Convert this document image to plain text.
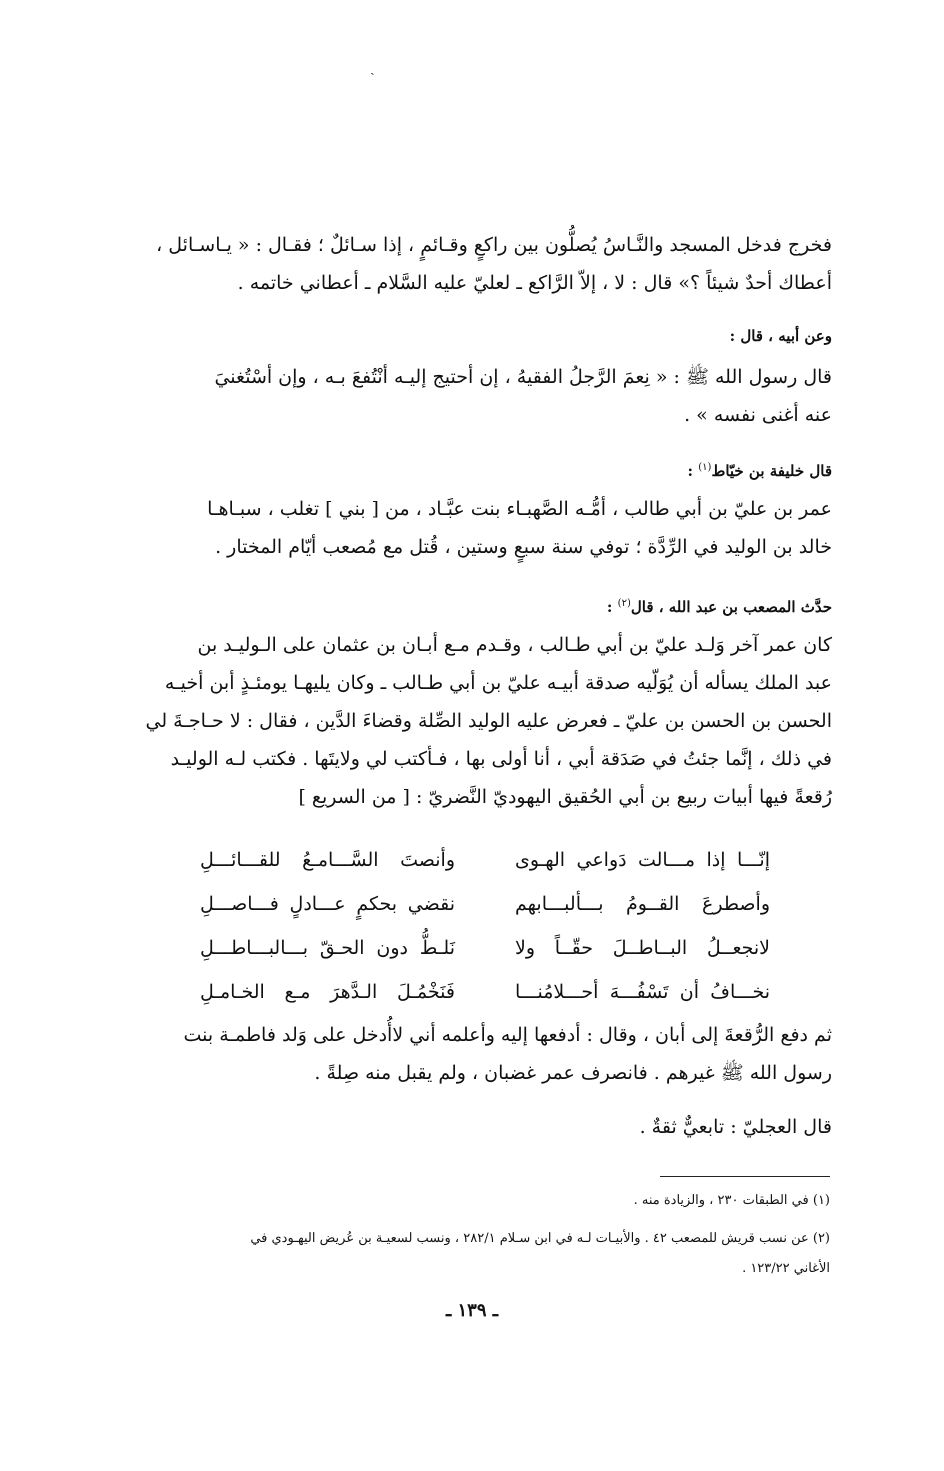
ˎ

فخرج فدخل المسجد والنَّـاسُ يُصلُّون بين راكعٍ وقـائمٍ ، إذا سـائلٌ ؛ فقـال : « يـاسـائل ،

أعطاك أحدٌ شيئاً ؟» قال : لا ، إلاّ الرَّاكع ـ لعليّ عليه السَّلام ـ أعطاني خاتمه .

وعن أبيه ، قال :

قال رسول الله ﷺ : « نِعمَ الرَّجلُ الفقيهُ ، إن أحتيج إليـه أنْتُفعَ بـه ، وإن أسْتُغنيَ

عنه أغنى نفسه » .

قال خليفة بن خيّاط$^{(١)}$ :

عمر بن عليّ بن أبي طالب ، أمُّـه الصَّهبـاء بنت عبَّـاد ، من [ بني ] تغلب ، سبـاهـا

خالد بن الوليد في الرِّدَّة ؛ توفي سنة سبعٍ وستين ، قُتل مع مُصعب أيّام المختار .

حدَّث المصعب بن عبد الله ، قال$^{(٢)}$ :

كان عمر آخر وَلـد عليّ بن أبي طـالب ، وقـدم مـع أبـان بن عثمان على الـوليـد بن

عبد الملك يسأله أن يُوَلّيه صدقة أبيـه عليّ بن أبي طـالب ـ وكان يليهـا يومئـذٍ أبن أخيـه

الحسن بن الحسن بن عليّ ـ فعرض عليه الوليد الصِّلة وقضاءَ الدَّين ، فقال : لا حـاجـةَ لي

في ذلك ، إنَّما جئتُ في صَدَقة أبي ، أنا أولى بها ، فـأكتب لي ولايتَها . فكتب لـه الوليـد

رُقعةً فيها أبيات ربيع بن أبي الحُقيق اليهوديّ النَّضريّ : [ من السريع ]

إنّـــا إذا مـــالت دَواعي الهـوى
وأنصتَ السَّـــامـعُ للقـــائـــلِ
وأصطرعَ القــومُ بـــألبـــابهم
نقضي بحكمٍ عـــادلٍ فـــاصـــلِ
لانجعــلُ البــاطــلَ حقّــاً ولا
نَلـطُّ دون الحـقّ بـــالبـــاطـــلِ
نخـــافُ أن تَسْفُـــهَ أحـــلامُنـــا
فَنَخْمُـلَ الـدَّهرَ مـع الخـامـلِ

ثم دفع الرُّقعةَ إلى أبان ، وقال : أدفعها إليه وأعلمه أني لاأُدخل على وَلد فاطمـة بنت

رسول الله ﷺ غيرهم . فانصرف عمر غضبان ، ولم يقبل منه صِلةً .

قال العجليّ : تابعيٌّ ثقةٌ .

(١) في الطبقات ٢٣٠ ، والزيادة منه .
(٢) عن نسب قريش للمصعب ٤٢ . والأبيـات لـه في ابن سـلام ٢٨٢/١ ، ونسب لسعيـة بن عُريض اليهـودي في
الأغاني ١٢٣/٢٢ .
ـ ١٣٩ ـ
